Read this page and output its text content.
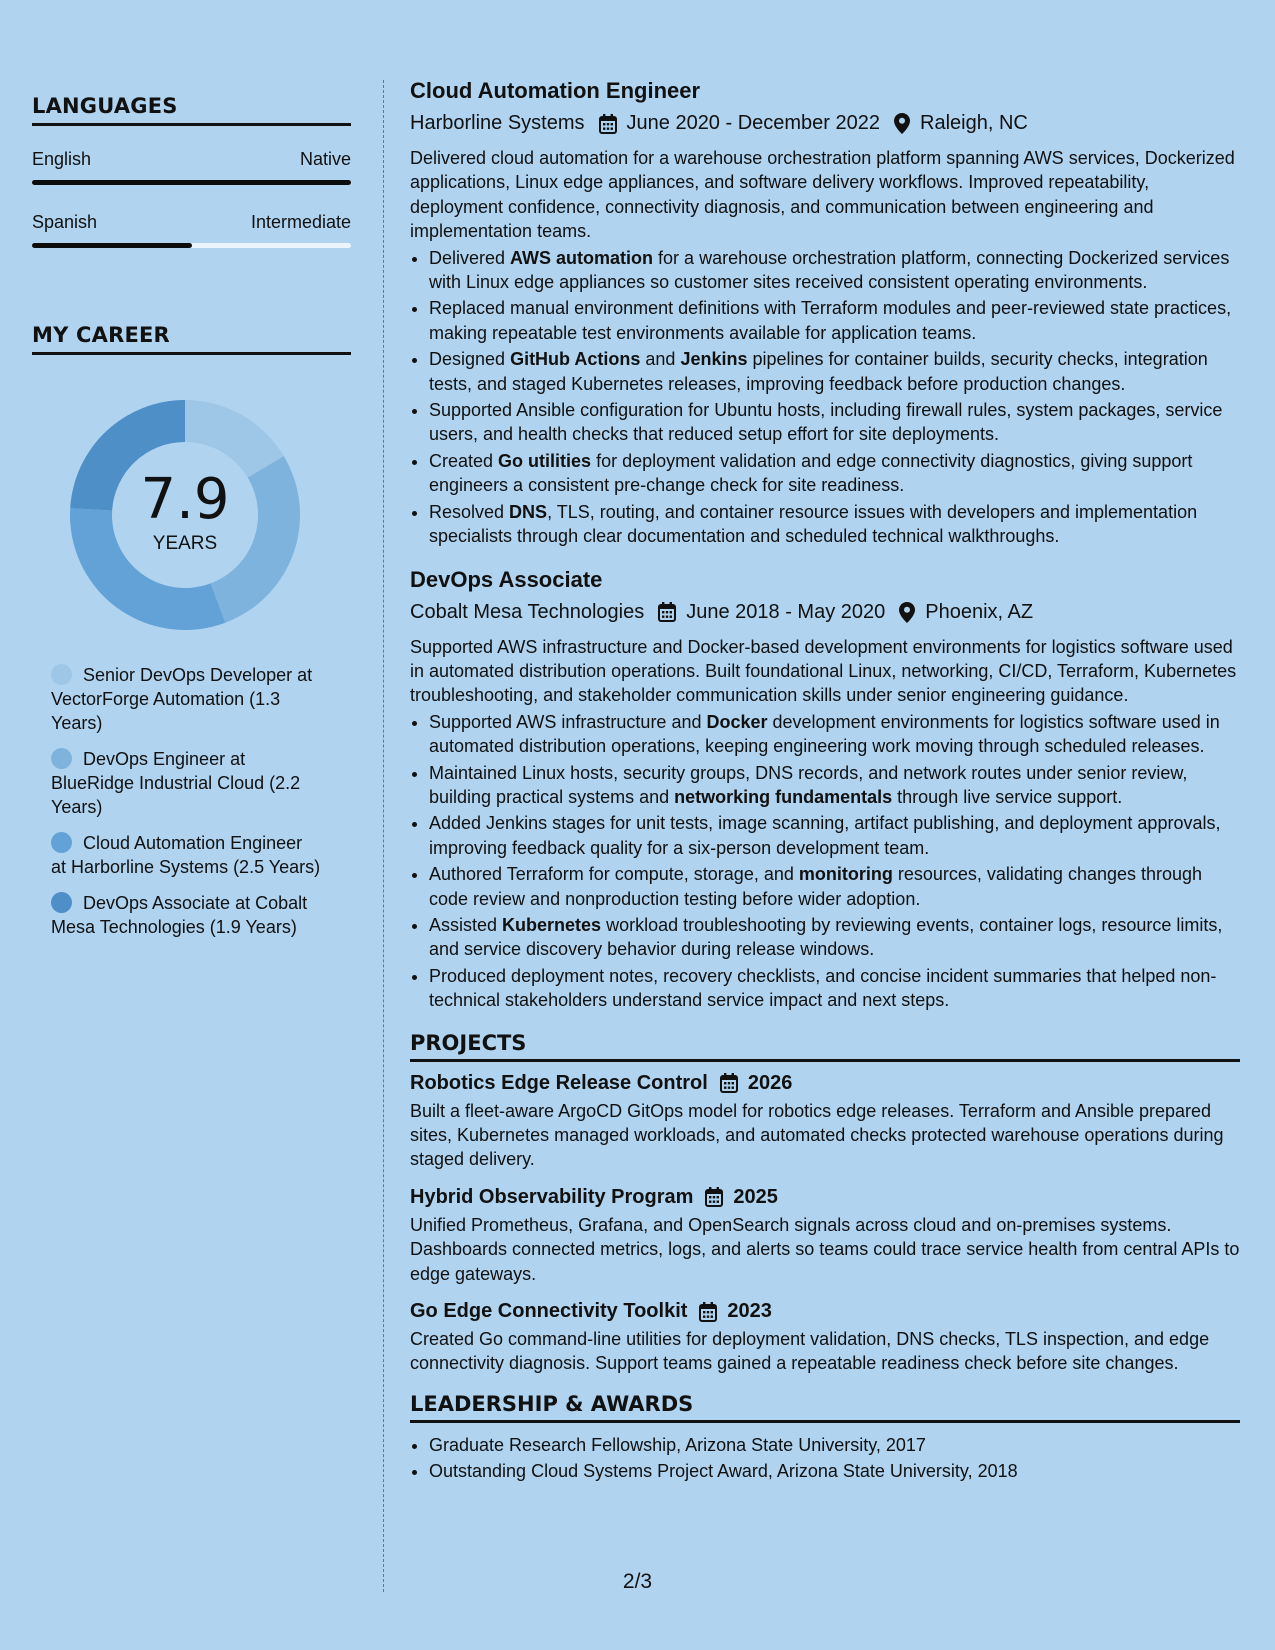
LANGUAGES
English	Native
Spanish	Intermediate
MY CAREER
7.9
YEARS
Senior DevOps Developer at VectorForge Automation (1.3 Years)
DevOps Engineer at BlueRidge Industrial Cloud (2.2 Years)
Cloud Automation Engineer at Harborline Systems (2.5 Years)
DevOps Associate at Cobalt Mesa Technologies (1.9 Years)
Cloud Automation Engineer
Harborline Systems June 2020 - December 2022 Raleigh, NC

Delivered cloud automation for a warehouse orchestration platform spanning AWS services, Dockerized applications, Linux edge appliances, and software delivery workflows. Improved repeatability, deployment confidence, connectivity diagnosis, and communication between engineering and implementation teams.

• Delivered AWS automation for a warehouse orchestration platform, connecting Dockerized services with Linux edge appliances so customer sites received consistent operating environments.
• Replaced manual environment definitions with Terraform modules and peer-reviewed state practices, making repeatable test environments available for application teams.
• Designed GitHub Actions and Jenkins pipelines for container builds, security checks, integration tests, and staged Kubernetes releases, improving feedback before production changes.
• Supported Ansible configuration for Ubuntu hosts, including firewall rules, system packages, service users, and health checks that reduced setup effort for site deployments.
• Created Go utilities for deployment validation and edge connectivity diagnostics, giving support engineers a consistent pre-change check for site readiness.
• Resolved DNS, TLS, routing, and container resource issues with developers and implementation specialists through clear documentation and scheduled technical walkthroughs.
DevOps Associate
Cobalt Mesa Technologies June 2018 - May 2020 Phoenix, AZ

Supported AWS infrastructure and Docker-based development environments for logistics software used in automated distribution operations. Built foundational Linux, networking, CI/CD, Terraform, Kubernetes troubleshooting, and stakeholder communication skills under senior engineering guidance.

• Supported AWS infrastructure and Docker development environments for logistics software used in automated distribution operations, keeping engineering work moving through scheduled releases.
• Maintained Linux hosts, security groups, DNS records, and network routes under senior review, building practical systems and networking fundamentals through live service support.
• Added Jenkins stages for unit tests, image scanning, artifact publishing, and deployment approvals, improving feedback quality for a six-person development team.
• Authored Terraform for compute, storage, and monitoring resources, validating changes through code review and nonproduction testing before wider adoption.
• Assisted Kubernetes workload troubleshooting by reviewing events, container logs, resource limits, and service discovery behavior during release windows.
• Produced deployment notes, recovery checklists, and concise incident summaries that helped non-technical stakeholders understand service impact and next steps.
PROJECTS
Robotics Edge Release Control 2026
Built a fleet-aware ArgoCD GitOps model for robotics edge releases. Terraform and Ansible prepared sites, Kubernetes managed workloads, and automated checks protected warehouse operations during staged delivery.
Hybrid Observability Program 2025
Unified Prometheus, Grafana, and OpenSearch signals across cloud and on-premises systems. Dashboards connected metrics, logs, and alerts so teams could trace service health from central APIs to edge gateways.
Go Edge Connectivity Toolkit 2023
Created Go command-line utilities for deployment validation, DNS checks, TLS inspection, and edge connectivity diagnosis. Support teams gained a repeatable readiness check before site changes.
LEADERSHIP & AWARDS
• Graduate Research Fellowship, Arizona State University, 2017
• Outstanding Cloud Systems Project Award, Arizona State University, 2018
2/3
